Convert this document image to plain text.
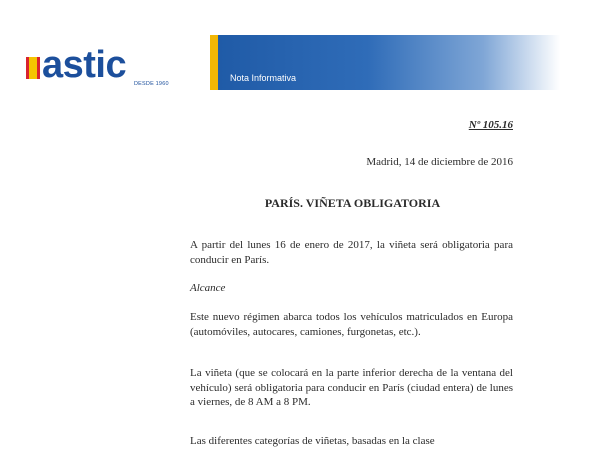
astic DESDE 1960
Nota Informativa
Nº 105.16
Madrid, 14 de diciembre de 2016
PARÍS. VIÑETA OBLIGATORIA
A partir del lunes 16 de enero de 2017, la viñeta será obligatoria para conducir en París.
Alcance
Este nuevo régimen abarca todos los vehículos matriculados en Europa (automóviles, autocares, camiones, furgonetas, etc.).
La viñeta (que se colocará en la parte inferior derecha de la ventana del vehículo) será obligatoria para conducir en París (ciudad entera) de lunes a viernes, de 8 AM a 8 PM.
Las diferentes categorías de viñetas, basadas en la clase
